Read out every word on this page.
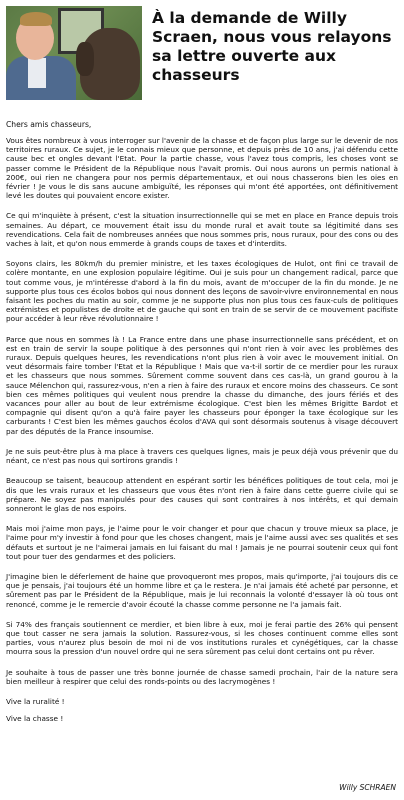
À la demande de Willy Scraen, nous vous relayons sa lettre ouverte aux chasseurs

Chers amis chasseurs,

Vous êtes nombreux à vous interroger sur l'avenir de la chasse et de façon plus large sur le devenir de nos territoires ruraux. Ce sujet, je le connais mieux que personne, et depuis près de 10 ans, j'ai défendu cette cause bec et ongles devant l'Etat. Pour la partie chasse, vous l'avez tous compris, les choses vont se passer comme le Président de la République nous l'avait promis. Oui nous aurons un permis national à 200€, oui rien ne changera pour nos permis départementaux, et oui nous chasserons bien les oies en février ! Je vous le dis sans aucune ambiguïté, les réponses qui m'ont été apportées, ont définitivement levé les doutes qui pouvaient encore exister.

Ce qui m'inquiète à présent, c'est la situation insurrectionnelle qui se met en place en France depuis trois semaines. Au départ, ce mouvement était issu du monde rural et avait toute sa légitimité dans ses revendications. Cela fait de nombreuses années que nous sommes pris, nous ruraux, pour des cons ou des vaches à lait, et qu'on nous emmerde à grands coups de taxes et d'interdits.

Soyons clairs, les 80km/h du premier ministre, et les taxes écologiques de Hulot, ont fini ce travail de colère montante, en une explosion populaire légitime. Oui je suis pour un changement radical, parce que tout comme vous, je m'intéresse d'abord à la fin du mois, avant de m'occuper de la fin du monde. Je ne supporte plus tous ces écolos bobos qui nous donnent des leçons de savoir-vivre environnemental en nous faisant les poches du matin au soir, comme je ne supporte plus non plus tous ces faux-culs de politiques extrémistes et populistes de droite et de gauche qui sont en train de se servir de ce mouvement pacifiste pour accéder à leur rêve révolutionnaire !

Parce que nous en sommes là ! La France entre dans une phase insurrectionnelle sans précédent, et on est en train de servir la soupe politique à des personnes qui n'ont rien à voir avec les problèmes des ruraux. Depuis quelques heures, les revendications n'ont plus rien à voir avec le mouvement initial. On veut désormais faire tomber l'Etat et la République ! Mais que va-t-il sortir de ce merdier pour les ruraux et les chasseurs que nous sommes. Sûrement comme souvent dans ces cas-là, un grand gourou à la sauce Mélenchon qui, rassurez-vous, n'en a rien à faire des ruraux et encore moins des chasseurs. Ce sont bien ces mêmes politiques qui veulent nous prendre la chasse du dimanche, des jours fériés et des vacances pour aller au bout de leur extrémisme écologique. C'est bien les mêmes Brigitte Bardot et compagnie qui disent qu'on a qu'à faire payer les chasseurs pour éponger la taxe écologique sur les carburants ! C'est bien les mêmes gauchos écolos d'AVA qui sont désormais soutenus à visage découvert par des députés de la France insoumise.

Je ne suis peut-être plus à ma place à travers ces quelques lignes, mais je peux déjà vous prévenir que du néant, ce n'est pas nous qui sortirons grandis !

Beaucoup se taisent, beaucoup attendent en espérant sortir les bénéfices politiques de tout cela, moi je dis que les vrais ruraux et les chasseurs que vous êtes n'ont rien à faire dans cette guerre civile qui se prépare. Ne soyez pas manipulés pour des causes qui sont contraires à nos intérêts, et qui demain sonneront le glas de nos espoirs.

Mais moi j'aime mon pays, je l'aime pour le voir changer et pour que chacun y trouve mieux sa place, je l'aime pour m'y investir à fond pour que les choses changent, mais je l'aime aussi avec ses qualités et ses défauts et surtout je ne l'aimerai jamais en lui faisant du mal ! Jamais je ne pourrai soutenir ceux qui font tout pour tuer des gendarmes et des policiers.

J'imagine bien le déferlement de haine que provoqueront mes propos, mais qu'importe, j'ai toujours dis ce que je pensais, j'ai toujours été un homme libre et ça le restera. Je n'ai jamais été acheté par personne, et sûrement pas par le Président de la République, mais je lui reconnais la volonté d'essayer là où tous ont renoncé, comme je le remercie d'avoir écouté la chasse comme personne ne l'a jamais fait.

Si 74% des français soutiennent ce merdier, et bien libre à eux, moi je ferai partie des 26% qui pensent que tout casser ne sera jamais la solution. Rassurez-vous, si les choses continuent comme elles sont parties, vous n'aurez plus besoin de moi ni de vos institutions rurales et cynégétiques, car la chasse mourra sous la pression d'un nouvel ordre qui ne sera sûrement pas celui dont certains ont pu rêver.

Je souhaite à tous de passer une très bonne journée de chasse samedi prochain, l'air de la nature sera bien meilleur à respirer que celui des ronds-points ou des lacrymogènes !

Vive la ruralité !

Vive la chasse !

Willy SCHRAEN
